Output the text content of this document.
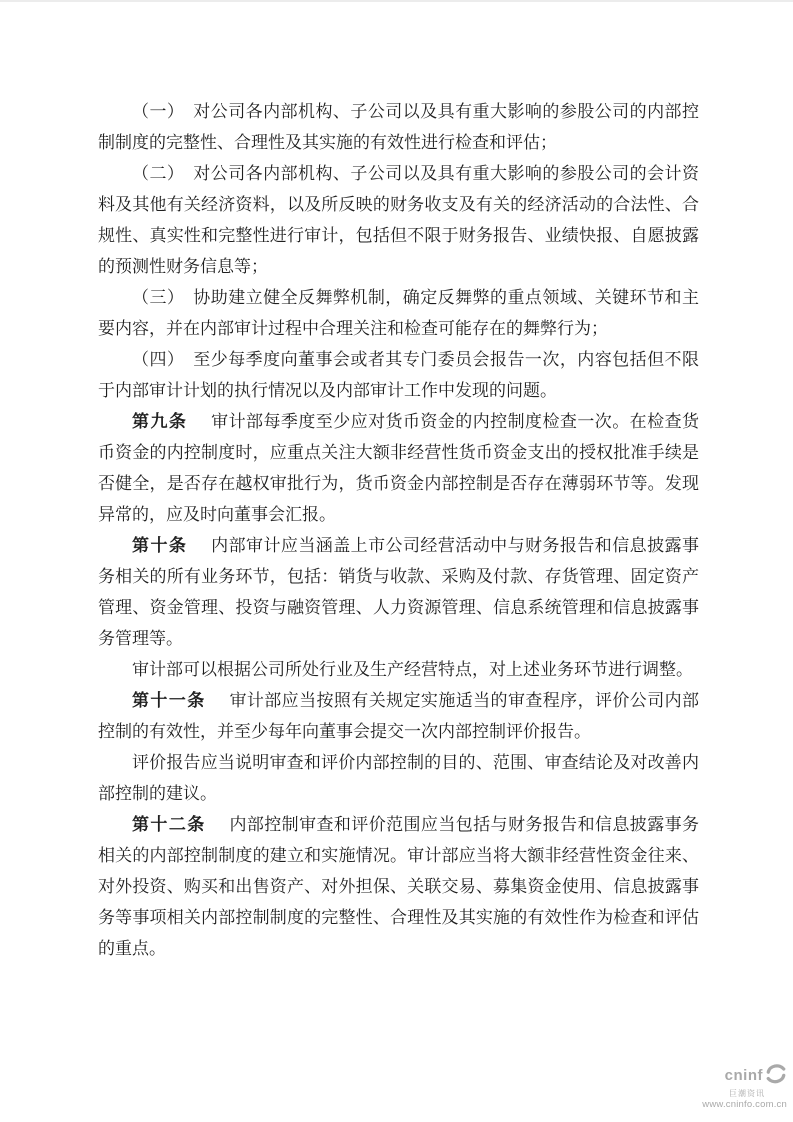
（一）　对公司各内部机构、子公司以及具有重大影响的参股公司的内部控制制度的完整性、合理性及其实施的有效性进行检查和评估；

（二）　对公司各内部机构、子公司以及具有重大影响的参股公司的会计资料及其他有关经济资料，以及所反映的财务收支及有关的经济活动的合法性、合规性、真实性和完整性进行审计，包括但不限于财务报告、业绩快报、自愿披露的预测性财务信息等；

（三）　协助建立健全反舞弊机制，确定反舞弊的重点领域、关键环节和主要内容，并在内部审计过程中合理关注和检查可能存在的舞弊行为；

（四）　至少每季度向董事会或者其专门委员会报告一次，内容包括但不限于内部审计计划的执行情况以及内部审计工作中发现的问题。

第九条 审计部每季度至少应对货币资金的内控制度检查一次。在检查货币资金的内控制度时，应重点关注大额非经营性货币资金支出的授权批准手续是否健全，是否存在越权审批行为，货币资金内部控制是否存在薄弱环节等。发现异常的，应及时向董事会汇报。

第十条 内部审计应当涵盖上市公司经营活动中与财务报告和信息披露事务相关的所有业务环节，包括：销货与收款、采购及付款、存货管理、固定资产管理、资金管理、投资与融资管理、人力资源管理、信息系统管理和信息披露事务管理等。

审计部可以根据公司所处行业及生产经营特点，对上述业务环节进行调整。

第十一条 审计部应当按照有关规定实施适当的审查程序，评价公司内部控制的有效性，并至少每年向董事会提交一次内部控制评价报告。

评价报告应当说明审查和评价内部控制的目的、范围、审查结论及对改善内部控制的建议。

第十二条 内部控制审查和评价范围应当包括与财务报告和信息披露事务相关的内部控制制度的建立和实施情况。审计部应当将大额非经营性资金往来、对外投资、购买和出售资产、对外担保、关联交易、募集资金使用、信息披露事务等事项相关内部控制制度的完整性、合理性及其实施的有效性作为检查和评估的重点。

cninf
巨潮资讯
www.cninfo.com.cn
